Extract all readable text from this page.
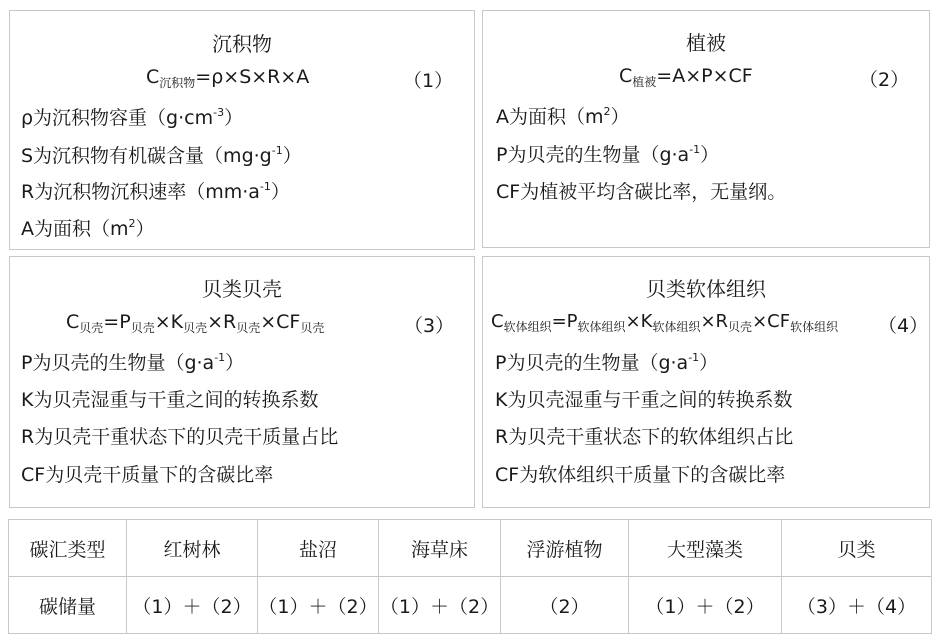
沉积物
$C_{沉积物}=\rho\times S\times R\times A$	（1）
ρ为沉积物容重$(g\cdot cm^{-3})$
S为沉积物有机碳含量$(mg\cdot g^{-1})$
R为沉积物沉积速率$(mm\cdot a^{-1})$
A为面积$(m^2)$
植被
$C_{植被}=A\times P\times CF$	（2）
A为面积$(m^2)$
P为贝壳的生物量$(g\cdot a^{-1})$
CF为植被平均含碳比率，无量纲。
贝类贝壳
$C_{贝壳}=P_{贝壳}\times K_{贝壳}\times R_{贝壳}\times CF_{贝壳}$	（3）
P为贝壳的生物量$(g\cdot a^{-1})$
K为贝壳湿重与干重之间的转换系数
R为贝壳干重状态下的贝壳干质量占比
CF为贝壳干质量下的含碳比率
贝类软体组织
$C_{软体组织}=P_{软体组织}\times K_{软体组织}\times R_{贝壳}\times CF_{软体组织}$ （4）
P为贝壳的生物量$(g\cdot a^{-1})$
K为贝壳湿重与干重之间的转换系数
R为贝壳干重状态下的软体组织占比
CF为软体组织干质量下的含碳比率
碳汇类型	红树林	盐沼	海草床	浮游植物	大型藻类	贝类
碳储量	（1）＋（2）	（1）＋（2）	（1）＋（2）	（2）	（1）＋（2）	（3）＋（4）
